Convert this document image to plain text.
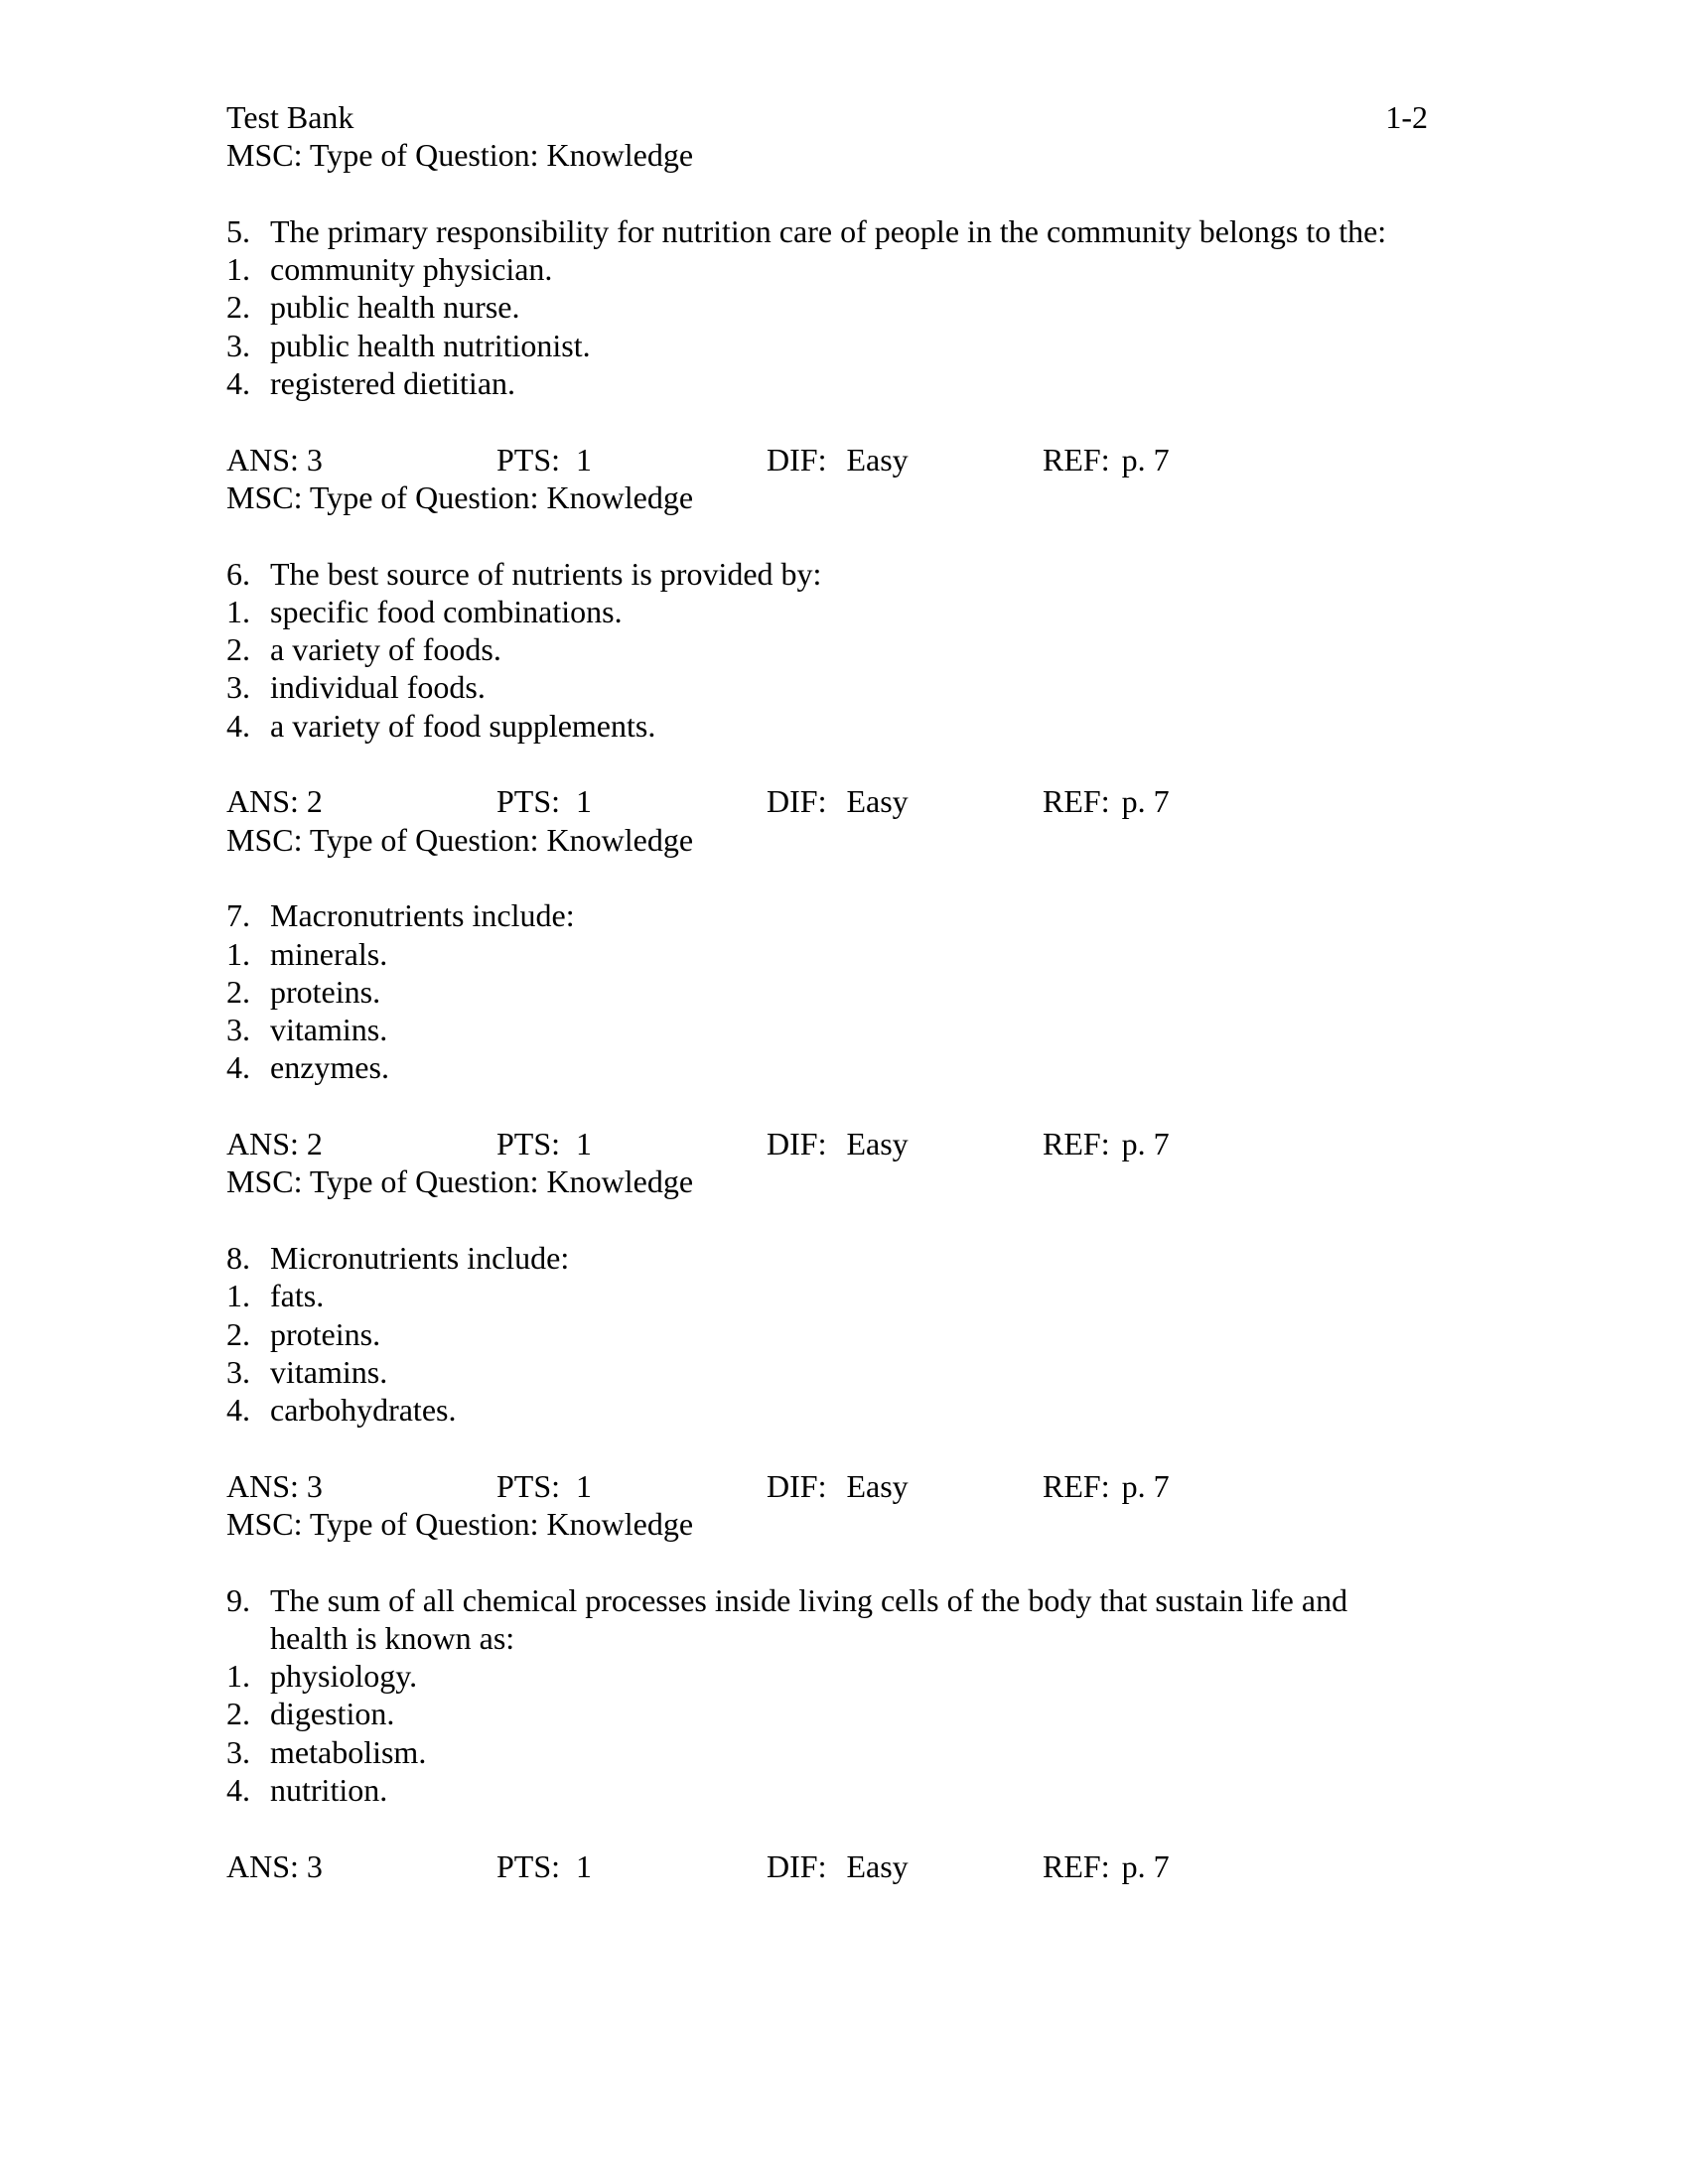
Test Bank	1-2
MSC: Type of Question: Knowledge
5. The primary responsibility for nutrition care of people in the community belongs to the:
1. community physician.
2. public health nurse.
3. public health nutritionist.
4. registered dietitian.
ANS: 3	PTS: 1	DIF: Easy	REF: p. 7
MSC: Type of Question: Knowledge
6. The best source of nutrients is provided by:
1. specific food combinations.
2. a variety of foods.
3. individual foods.
4. a variety of food supplements.
ANS: 2	PTS: 1	DIF: Easy	REF: p. 7
MSC: Type of Question: Knowledge
7. Macronutrients include:
1. minerals.
2. proteins.
3. vitamins.
4. enzymes.
ANS: 2	PTS: 1	DIF: Easy	REF: p. 7
MSC: Type of Question: Knowledge
8. Micronutrients include:
1. fats.
2. proteins.
3. vitamins.
4. carbohydrates.
ANS: 3	PTS: 1	DIF: Easy	REF: p. 7
MSC: Type of Question: Knowledge
9. The sum of all chemical processes inside living cells of the body that sustain life and health is known as:
1. physiology.
2. digestion.
3. metabolism.
4. nutrition.
ANS: 3	PTS: 1	DIF: Easy	REF: p. 7
